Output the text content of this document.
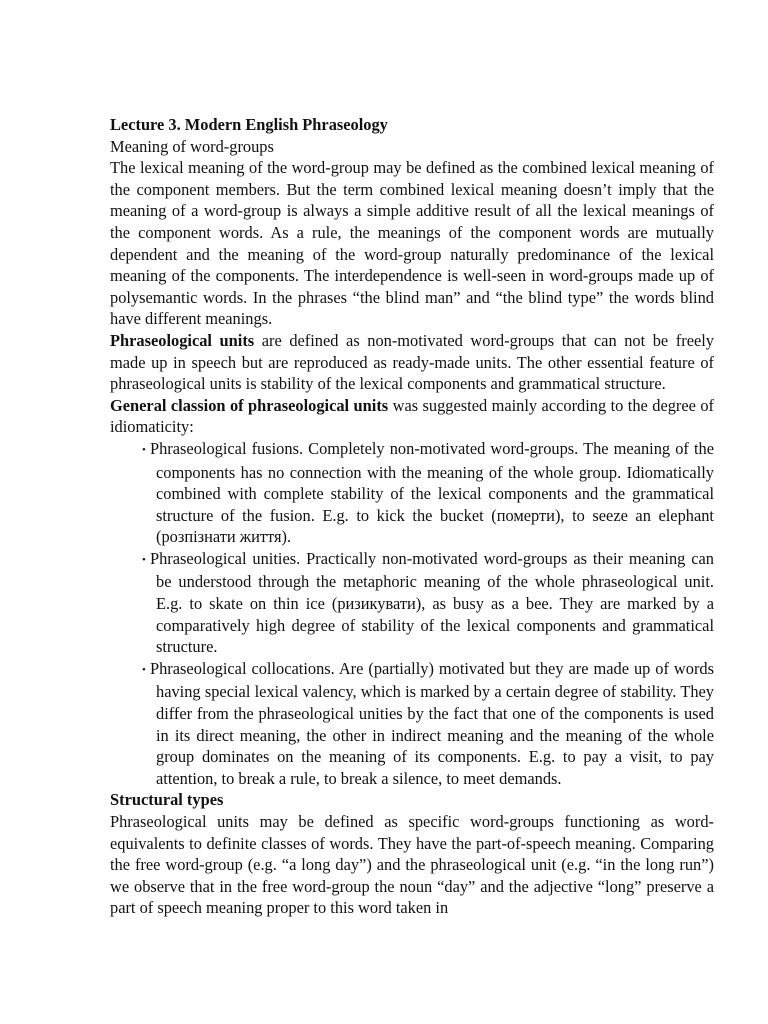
Lecture 3. Modern English Phraseology

Meaning of word-groups

The lexical meaning of the word-group may be defined as the combined lexical meaning of the component members. But the term combined lexical meaning doesn’t imply that the meaning of a word-group is always a simple additive result of all the lexical meanings of the component words. As a rule, the meanings of the component words are mutually dependent and the meaning of the word-group naturally predominance of the lexical meaning of the components. The interdependence is well-seen in word-groups made up of polysemantic words. In the phrases “the blind man” and “the blind type” the words blind have different meanings.

Phraseological units are defined as non-motivated word-groups that can not be freely made up in speech but are reproduced as ready-made units. The other essential feature of phraseological units is stability of the lexical components and grammatical structure.

General classion of phraseological units was suggested mainly according to the degree of idiomaticity:

• Phraseological fusions. Completely non-motivated word-groups. The meaning of the components has no connection with the meaning of the whole group. Idiomatically combined with complete stability of the lexical components and the grammatical structure of the fusion. E.g. to kick the bucket (померти), to seeze an elephant (розпізнати життя).
• Phraseological unities. Practically non-motivated word-groups as their meaning can be understood through the metaphoric meaning of the whole phraseological unit. E.g. to skate on thin ice (ризикувати), as busy as a bee. They are marked by a comparatively high degree of stability of the lexical components and grammatical structure.
• Phraseological collocations. Are (partially) motivated but they are made up of words having special lexical valency, which is marked by a certain degree of stability. They differ from the phraseological unities by the fact that one of the components is used in its direct meaning, the other in indirect meaning and the meaning of the whole group dominates on the meaning of its components. E.g. to pay a visit, to pay attention, to break a rule, to break a silence, to meet demands.

Structural types

Phraseological units may be defined as specific word-groups functioning as word-equivalents to definite classes of words. They have the part-of-speech meaning. Comparing the free word-group (e.g. “a long day”) and the phraseological unit (e.g. “in the long run”) we observe that in the free word-group the noun “day” and the adjective “long” preserve a part of speech meaning proper to this word taken in
